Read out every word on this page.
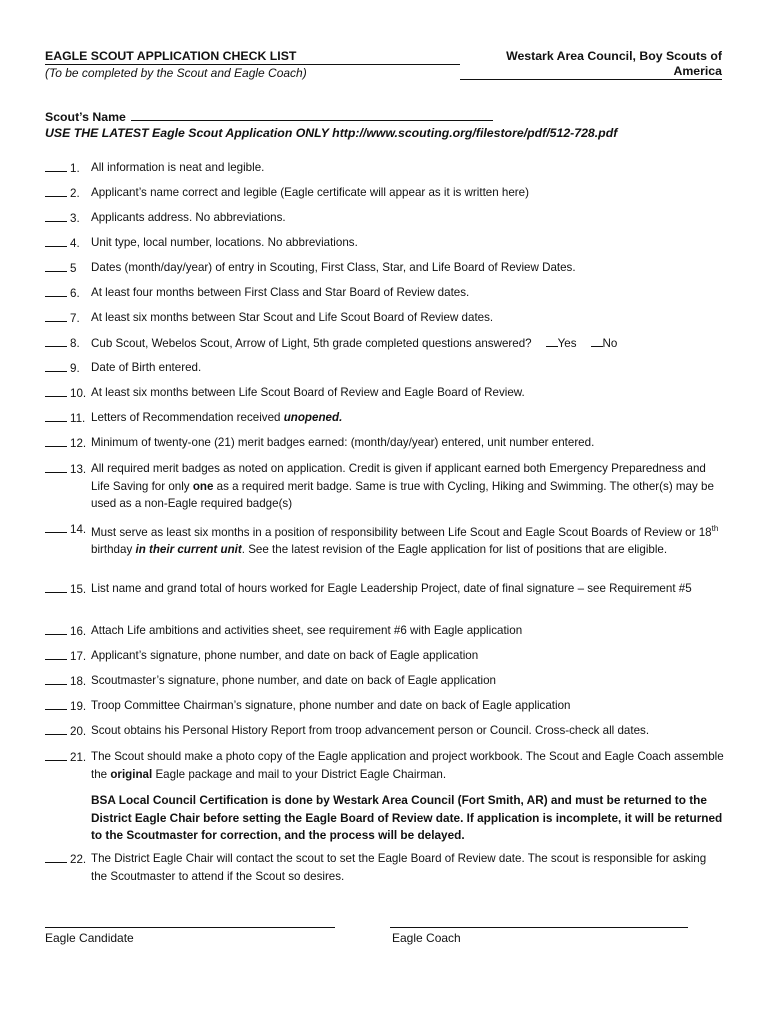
EAGLE SCOUT APPLICATION CHECK LIST	Westark Area Council, Boy Scouts of America
(To be completed by the Scout and Eagle Coach)
Scout’s Name
USE THE LATEST Eagle Scout Application ONLY http://www.scouting.org/filestore/pdf/512-728.pdf
1. All information is neat and legible.
2. Applicant’s name correct and legible (Eagle certificate will appear as it is written here)
3. Applicants address. No abbreviations.
4. Unit type, local number, locations. No abbreviations.
5 Dates (month/day/year) of entry in Scouting, First Class, Star, and Life Board of Review Dates.
6. At least four months between First Class and Star Board of Review dates.
7. At least six months between Star Scout and Life Scout Board of Review dates.
8. Cub Scout, Webelos Scout, Arrow of Light, 5th grade completed questions answered? Yes No
9. Date of Birth entered.
10. At least six months between Life Scout Board of Review and Eagle Board of Review.
11. Letters of Recommendation received unopened.
12. Minimum of twenty-one (21) merit badges earned: (month/day/year) entered, unit number entered.
13. All required merit badges as noted on application. Credit is given if applicant earned both Emergency Preparedness and Life Saving for only one as a required merit badge. Same is true with Cycling, Hiking and Swimming. The other(s) may be used as a non-Eagle required badge(s)
14. Must serve as least six months in a position of responsibility between Life Scout and Eagle Scout Boards of Review or 18th birthday in their current unit. See the latest revision of the Eagle application for list of positions that are eligible.
15. List name and grand total of hours worked for Eagle Leadership Project, date of final signature – see Requirement #5
16. Attach Life ambitions and activities sheet, see requirement #6 with Eagle application
17. Applicant’s signature, phone number, and date on back of Eagle application
18. Scoutmaster’s signature, phone number, and date on back of Eagle application
19. Troop Committee Chairman’s signature, phone number and date on back of Eagle application
20. Scout obtains his Personal History Report from troop advancement person or Council. Cross-check all dates.
21. The Scout should make a photo copy of the Eagle application and project workbook. The Scout and Eagle Coach assemble the original Eagle package and mail to your District Eagle Chairman.
BSA Local Council Certification is done by Westark Area Council (Fort Smith, AR) and must be returned to the District Eagle Chair before setting the Eagle Board of Review date. If application is incomplete, it will be returned to the Scoutmaster for correction, and the process will be delayed.
22. The District Eagle Chair will contact the scout to set the Eagle Board of Review date. The scout is responsible for asking the Scoutmaster to attend if the Scout so desires.
Eagle Candidate	Eagle Coach
